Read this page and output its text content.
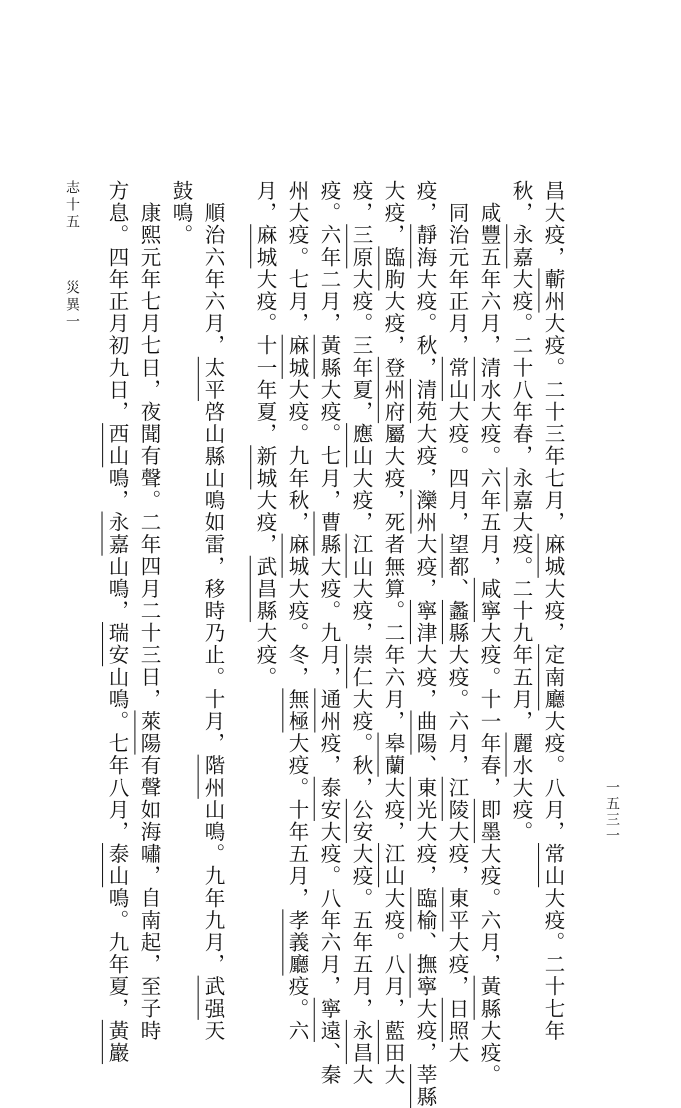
志十五
災異一
一五三一
昌大疫，蘄州大疫。二十三年七月，麻城大疫，定南廳大疫。八月，常山大疫。二十七年
秋，永嘉大疫。二十八年春，永嘉大疫。二十九年五月，麗水大疫。
　咸豐五年六月，清水大疫。六年五月，咸寧大疫。十一年春，即墨大疫。六月，黃縣大疫。
　同治元年正月，常山大疫。四月，望都、蠡縣大疫。六月，江陵大疫，東平大疫，日照大
疫，靜海大疫。秋，清苑大疫，灤州大疫，寧津大疫，曲陽、東光大疫，臨榆、撫寧大疫，莘縣
大疫，臨朐大疫，登州府屬大疫，死者無算。二年六月，皋蘭大疫，江山大疫。八月，藍田大
疫，三原大疫。三年夏，應山大疫，江山大疫，崇仁大疫。秋，公安大疫。五年五月，永昌大
疫。六年二月，黃縣大疫。七月，曹縣大疫。九月，通州疫，泰安大疫。八年六月，寧遠、秦
州大疫。七月，麻城大疫。九年秋，麻城大疫。冬，無極大疫。十年五月，孝義廳疫。六
月，麻城大疫。十一年夏，新城大疫，武昌縣大疫。
　順治六年六月，太平啓山縣山鳴如雷，移時乃止。十月，階州山鳴。九年九月，武强天
鼓鳴。
　康熙元年七月七日，夜聞有聲。二年四月二十三日，萊陽有聲如海嘯，自南起，至子時
方息。四年正月初九日，西山鳴，永嘉山鳴，瑞安山鳴。七年八月，泰山鳴。九年夏，黃巖
